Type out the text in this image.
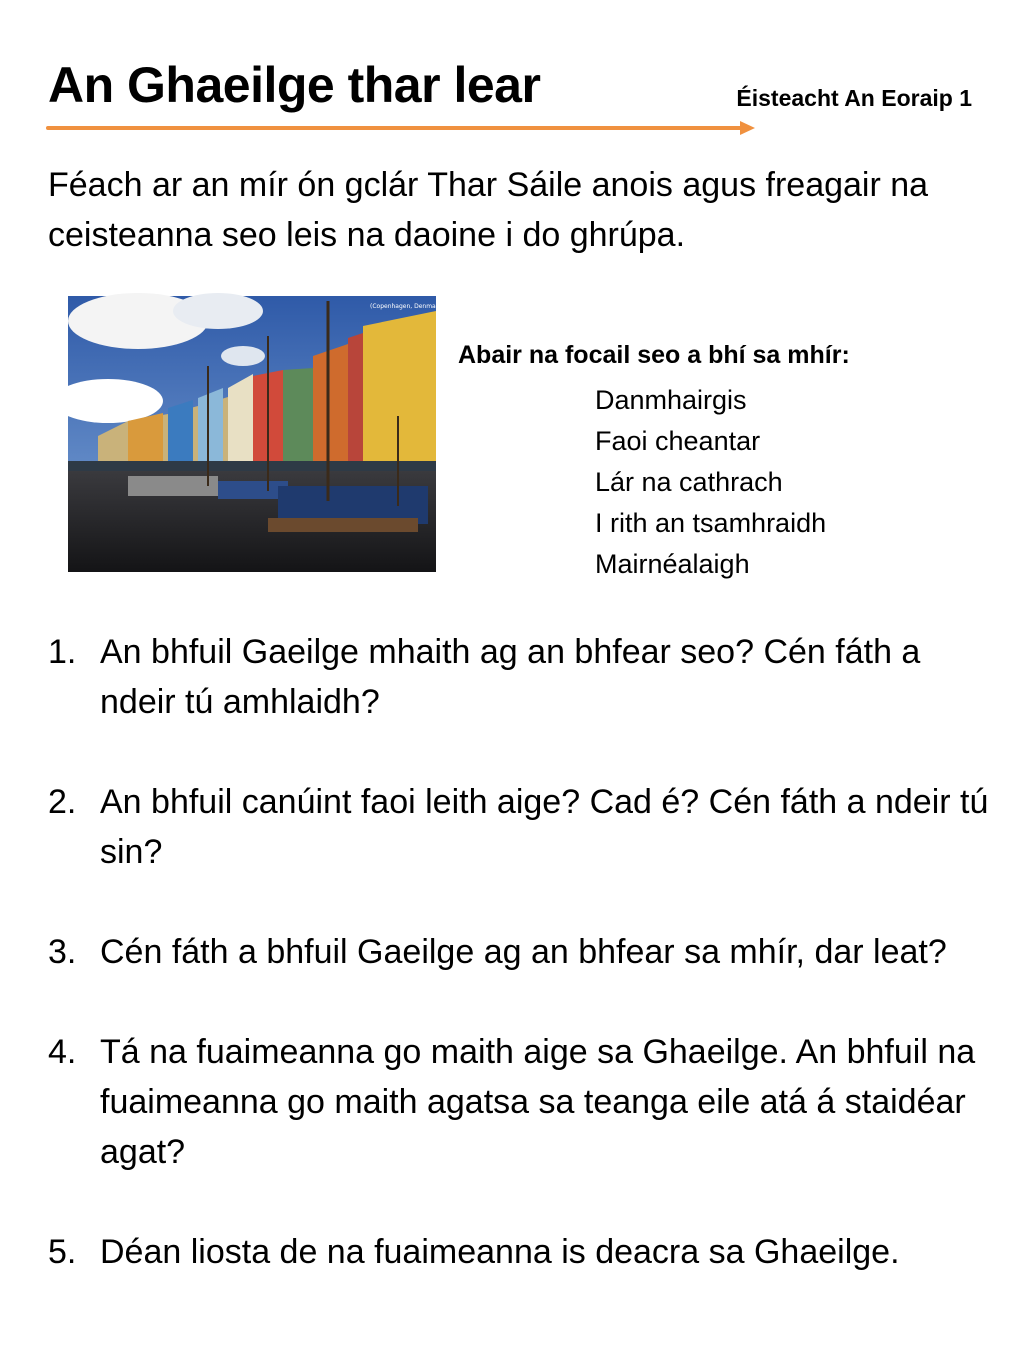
An Ghaeilge thar lear	Éisteacht An Eoraip 1
Féach ar an mír ón gclár Thar Sáile anois agus freagair na ceisteanna seo leis na daoine i do ghrúpa.
(Copenhagen, Denmark)
Abair na focail seo a bhí sa mhír:
Danmhairgis
Faoi cheantar
Lár na cathrach
I rith an tsamhraidh
Mairnéalaigh
1. An bhfuil Gaeilge mhaith ag an bhfear seo? Cén fáth a ndeir tú amhlaidh?
2. An bhfuil canúint faoi leith aige? Cad é? Cén fáth a ndeir tú sin?
3. Cén fáth a bhfuil Gaeilge ag an bhfear sa mhír, dar leat?
4. Tá na fuaimeanna go maith aige sa Ghaeilge. An bhfuil na fuaimeanna go maith agatsa sa teanga eile atá á staidéar agat?
5. Déan liosta de na fuaimeanna is deacra sa Ghaeilge.
